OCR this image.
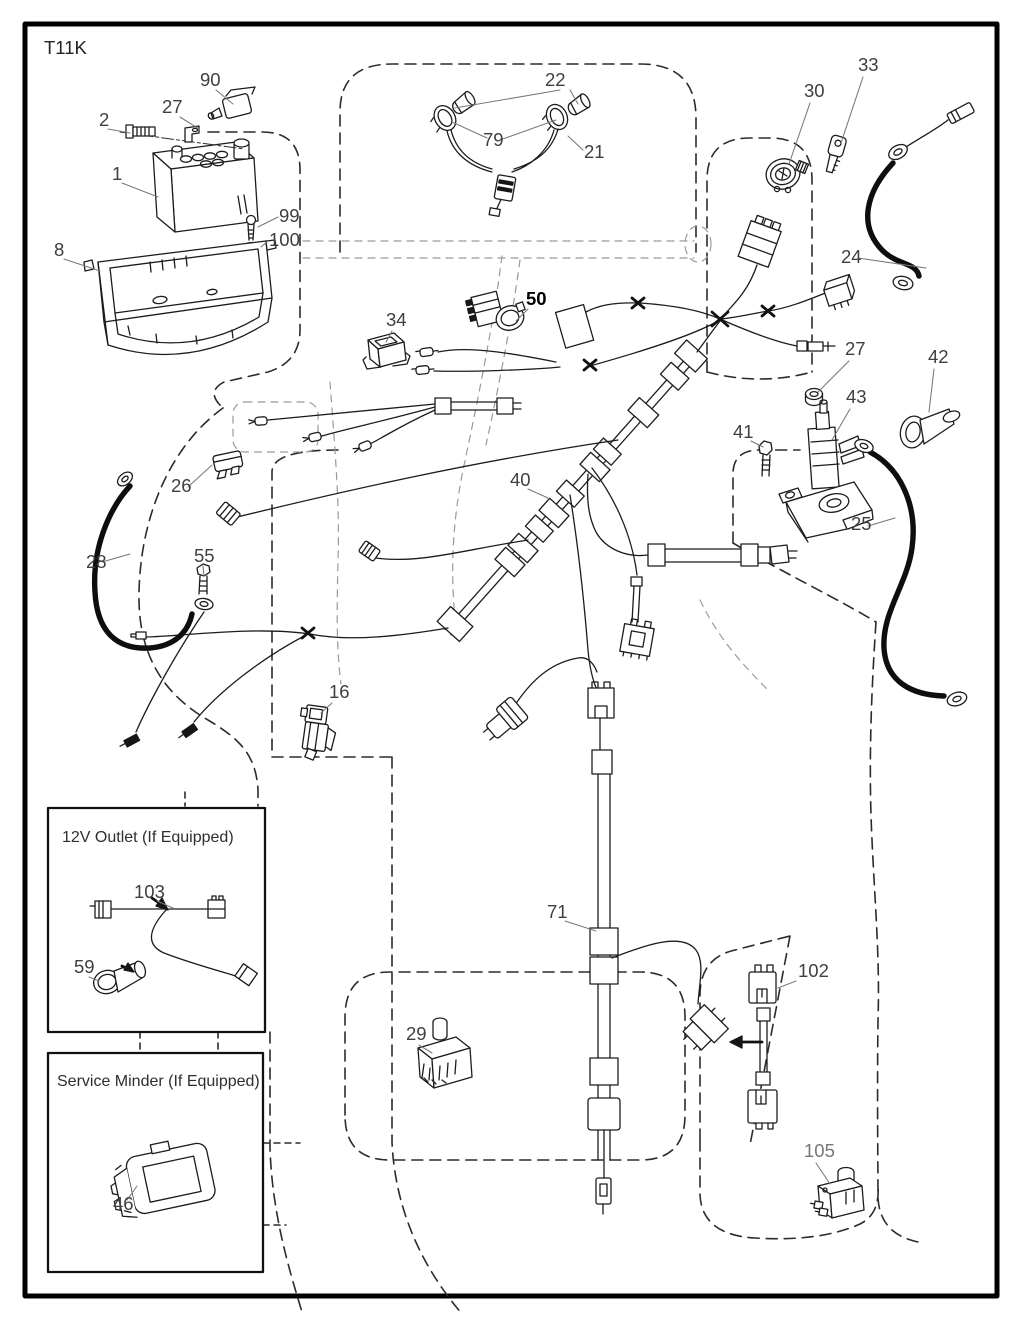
T11K
12V Outlet (If Equipped)
Service Minder (If Equipped)
90
27
2
1
99
100
8
22
79
21
30
33
24
34
50
26
28	55
40
27	42
43
41
25
16
71
102
29
105
103
59
46
